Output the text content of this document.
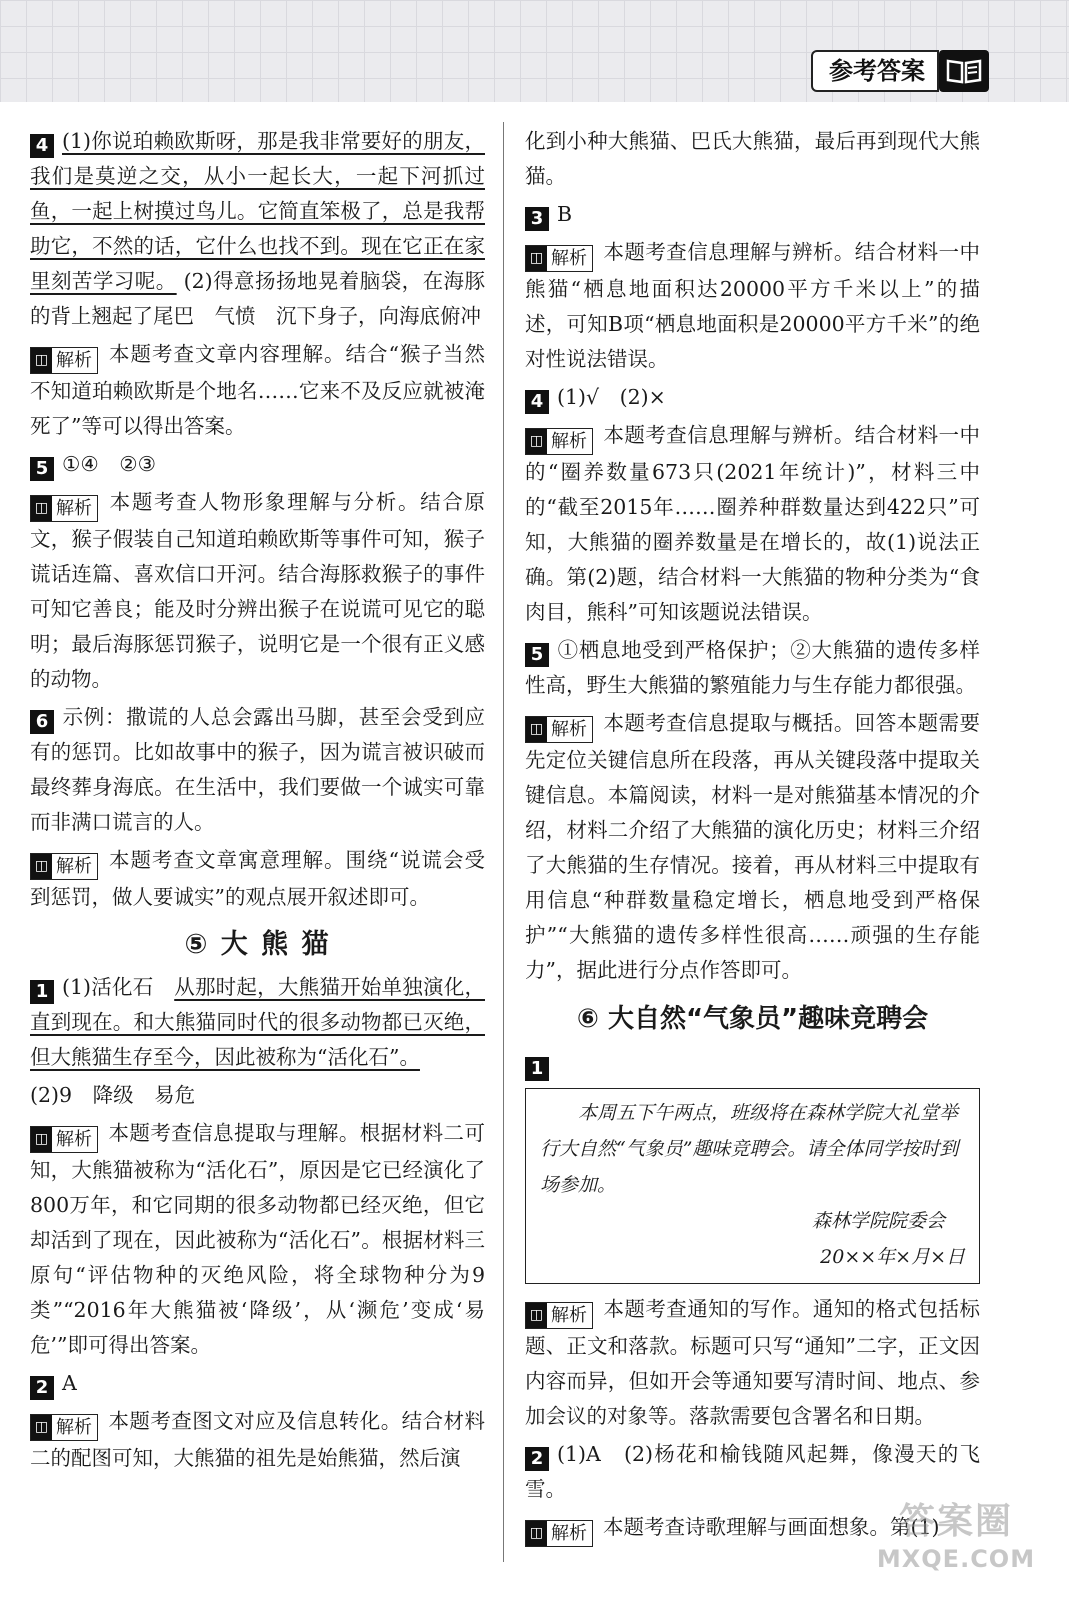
参考答案

4 (1)你说珀赖欧斯呀，那是我非常要好的朋友，我们是莫逆之交，从小一起长大，一起下河抓过鱼，一起上树摸过鸟儿。它简直笨极了，总是我帮助它，不然的话，它什么也找不到。现在它正在家里刻苦学习呢。 (2)得意扬扬地晃着脑袋，在海豚的背上翘起了尾巴　气愤　沉下身子，向海底俯冲

◫ 解析 本题考查文章内容理解。结合“猴子当然不知道珀赖欧斯是个地名……它来不及反应就被淹死了”等可以得出答案。

5 ①④　②③

◫ 解析 本题考查人物形象理解与分析。结合原文，猴子假装自己知道珀赖欧斯等事件可知，猴子谎话连篇、喜欢信口开河。结合海豚救猴子的事件可知它善良；能及时分辨出猴子在说谎可见它的聪明；最后海豚惩罚猴子，说明它是一个很有正义感的动物。

6 示例：撒谎的人总会露出马脚，甚至会受到应有的惩罚。比如故事中的猴子，因为谎言被识破而最终葬身海底。在生活中，我们要做一个诚实可靠而非满口谎言的人。

◫ 解析 本题考查文章寓意理解。围绕“说谎会受到惩罚，做人要诚实”的观点展开叙述即可。

⑤ 大 熊 猫

1 (1)活化石　从那时起，大熊猫开始单独演化，直到现在。和大熊猫同时代的很多动物都已灭绝，但大熊猫生存至今，因此被称为“活化石”。

(2)9　降级　易危

◫ 解析 本题考查信息提取与理解。根据材料二可知，大熊猫被称为“活化石”，原因是它已经演化了800万年，和它同期的很多动物都已经灭绝，但它却活到了现在，因此被称为“活化石”。根据材料三原句“评估物种的灭绝风险，将全球物种分为9类”“2016年大熊猫被‘降级’，从‘濒危’变成‘易危’”即可得出答案。

2 A

◫ 解析 本题考查图文对应及信息转化。结合材料二的配图可知，大熊猫的祖先是始熊猫，然后演

化到小种大熊猫、巴氏大熊猫，最后再到现代大熊猫。

3 B

◫ 解析 本题考查信息理解与辨析。结合材料一中熊猫“栖息地面积达20000平方千米以上”的描述，可知B项“栖息地面积是20000平方千米”的绝对性说法错误。

4 (1)√　(2)×

◫ 解析 本题考查信息理解与辨析。结合材料一中的“圈养数量673只(2021年统计)”，材料三中的“截至2015年……圈养种群数量达到422只”可知，大熊猫的圈养数量是在增长的，故(1)说法正确。第(2)题，结合材料一大熊猫的物种分类为“食肉目，熊科”可知该题说法错误。

5 ①栖息地受到严格保护；②大熊猫的遗传多样性高，野生大熊猫的繁殖能力与生存能力都很强。

◫ 解析 本题考查信息提取与概括。回答本题需要先定位关键信息所在段落，再从关键段落中提取关键信息。本篇阅读，材料一是对熊猫基本情况的介绍，材料二介绍了大熊猫的演化历史；材料三介绍了大熊猫的生存情况。接着，再从材料三中提取有用信息“种群数量稳定增长，栖息地受到严格保护”“大熊猫的遗传多样性很高……顽强的生存能力”，据此进行分点作答即可。

⑥ 大自然“气象员”趣味竞聘会

1

本周五下午两点，班级将在森林学院大礼堂举行大自然“气象员”趣味竞聘会。请全体同学按时到场参加。
森林学院院委会
20××年×月×日

◫ 解析 本题考查通知的写作。通知的格式包括标题、正文和落款。标题可只写“通知”二字，正文因内容而异，但如开会等通知要写清时间、地点、参加会议的对象等。落款需要包含署名和日期。

2 (1)A　(2)杨花和榆钱随风起舞，像漫天的飞雪。

◫ 解析 本题考查诗歌理解与画面想象。第(1)

答案圈
MXQE.COM
